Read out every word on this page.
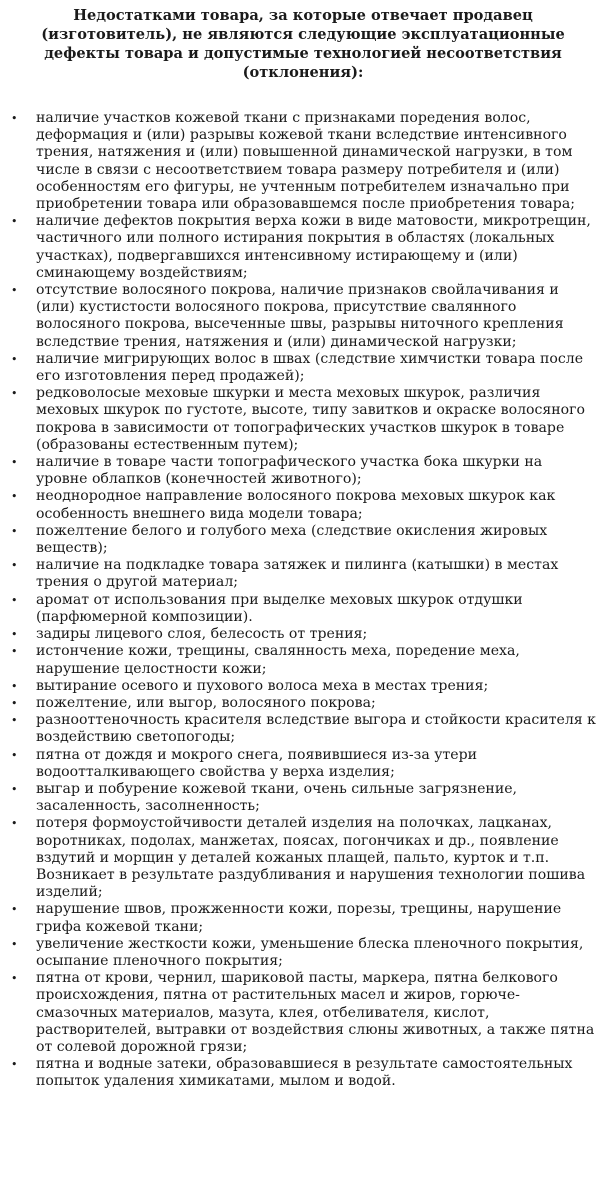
Недостатками товара, за которые отвечает продавец (изготовитель), не являются следующие эксплуатационные дефекты товара и допустимые технологией несоответствия (отклонения):
• наличие участков кожевой ткани с признаками поредения волос, деформация и (или) разрывы кожевой ткани вследствие интенсивного трения, натяжения и (или) повышенной динамической нагрузки, в том числе в связи с несоответствием товара размеру потребителя и (или) особенностям его фигуры, не учтенным потребителем изначально при приобретении товара или образовавшемся после приобретения товара;
• наличие дефектов покрытия верха кожи в виде матовости, микротрещин, частичного или полного истирания покрытия в областях (локальных участках), подвергавшихся интенсивному истирающему и (или) сминающему воздействиям;
• отсутствие волосяного покрова, наличие признаков свойлачивания и (или) кустистости волосяного покрова, присутствие свалянного волосяного покрова, высеченные швы, разрывы ниточного крепления вследствие трения, натяжения и (или) динамической нагрузки;
• наличие мигрирующих волос в швах (следствие химчистки товара после его изготовления перед продажей);
• редковолосые меховые шкурки и места меховых шкурок, различия меховых шкурок по густоте, высоте, типу завитков и окраске волосяного покрова в зависимости от топографических участков шкурок в товаре (образованы естественным путем);
• наличие в товаре части топографического участка бока шкурки на уровне облапков (конечностей животного);
• неоднородное направление волосяного покрова меховых шкурок как особенность внешнего вида модели товара;
• пожелтение белого и голубого меха (следствие окисления жировых веществ);
• наличие на подкладке товара затяжек и пилинга (катышки) в местах трения о другой материал;
• аромат от использования при выделке меховых шкурок отдушки (парфюмерной композиции).
• задиры лицевого слоя, белесость от трения;
• истончение кожи, трещины, свалянность меха, поредение меха, нарушение целостности кожи;
• вытирание осевого и пухового волоса меха в местах трения;
• пожелтение, или выгор, волосяного покрова;
• разнооттеночность красителя вследствие выгора и стойкости красителя к воздействию светопогоды;
• пятна от дождя и мокрого снега, появившиеся из-за утери водоотталкивающего свойства у верха изделия;
• выгар и побурение кожевой ткани, очень сильные загрязнение, засаленность, засолненность;
• потеря формоустойчивости деталей изделия на полочках, лацканах, воротниках, подолах, манжетах, поясах, погончиках и др., появление вздутий и морщин у деталей кожаных плащей, пальто, курток и т.п. Возникает в результате раздубливания и нарушения технологии пошива изделий;
• нарушение швов, прожженности кожи, порезы, трещины, нарушение грифа кожевой ткани;
• увеличение жесткости кожи, уменьшение блеска пленочного покрытия, осыпание пленочного покрытия;
• пятна от крови, чернил, шариковой пасты, маркера, пятна белкового происхождения, пятна от растительных масел и жиров, горюче-смазочных материалов, мазута, клея, отбеливателя, кислот, растворителей, вытравки от воздействия слюны животных, а также пятна от солевой дорожной грязи;
• пятна и водные затеки, образовавшиеся в результате самостоятельных попыток удаления химикатами, мылом и водой.
